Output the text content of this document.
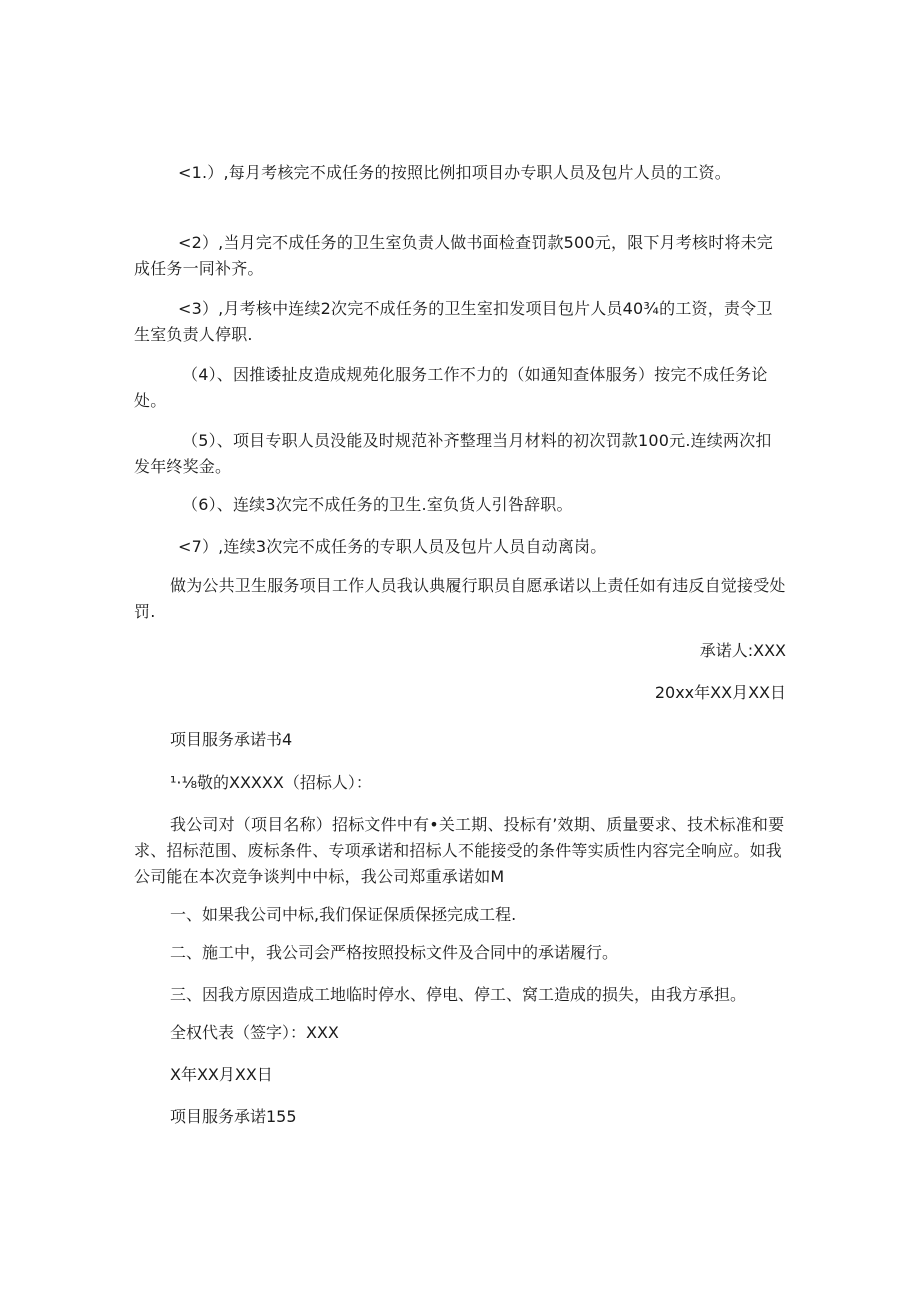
<1.）,每月考核完不成任务的按照比例扣项目办专职人员及包片人员的工资。
<2）,当月完不成任务的卫生室负责人做书面检查罚款500元，限下月考核时将未完成任务一同补齐。
<3）,月考核中连续2次完不成任务的卫生室扣发项目包片人员40¾的工资，责令卫生室负责人停职.
（4）、因推诿扯皮造成规苑化服务工作不力的（如通知查体服务）按完不成任务论处。
（5）、项目专职人员没能及时规范补齐整理当月材料的初次罚款100元.连续两次扣发年终奖金。
（6）、连续3次完不成任务的卫生.室负货人引咎辞职。
<7）,连续3次完不成任务的专职人员及包片人员自动离岗。
做为公共卫生服务项目工作人员我认典履行职员自愿承诺以上责任如有违反自觉接受处罚.
承诺人:XXX
20xx年XX月XX日
项目服务承诺书4
¹·⅛敬的XXXXX（招标人）：
我公司对（项目名称）招标文件中有•关工期、投标有’效期、质量要求、技术标准和要求、招标范围、废标条件、专项承诺和招标人不能接受的条件等实质性内容完全响应。如我公司能在本次竞争谈判中中标，我公司郑重承诺如M
一、如果我公司中标,我们保证保质保拯完成工程.
二、施工中，我公司会严格按照投标文件及合同中的承诺履行。
三、因我方原因造成工地临时停水、停电、停工、窝工造成的损失，由我方承担。
全权代表（签字）：XXX
X年XX月XX日
项目服务承诺155
